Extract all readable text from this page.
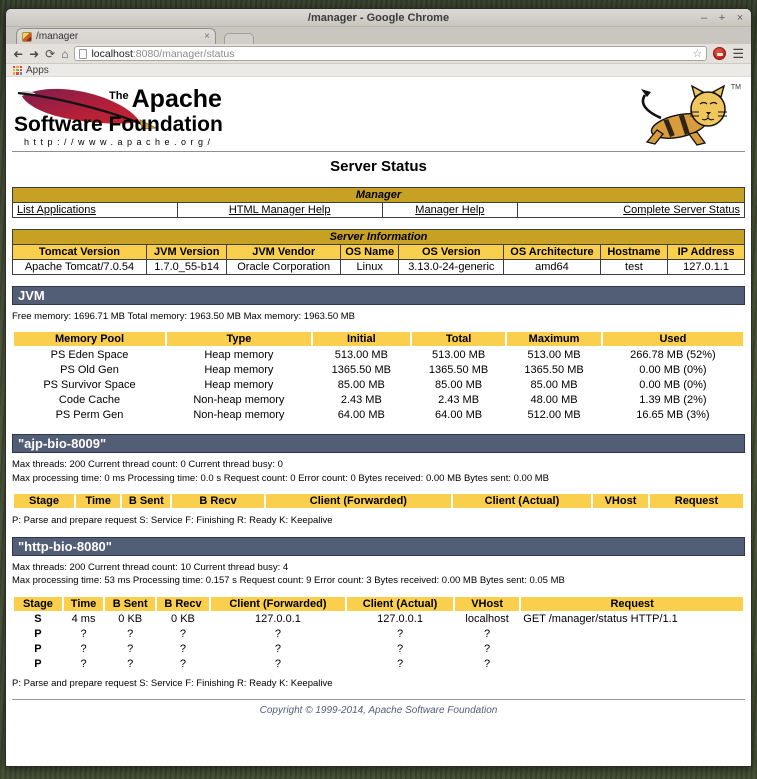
/manager - Google Chrome	– + ×
/manager	×
➜ ➜ ⟳ ⌂ localhost:8080/manager/status	☆ ☰
Apps
The Apache
Software Foundation
http://www.apache.org/
TM
Server Status
Manager
List Applications	HTML Manager Help	Manager Help	Complete Server Status
Server Information							
Tomcat Version	JVM Version	JVM Vendor	OS Name	OS Version	OS Architecture	Hostname	IP Address
Apache Tomcat/7.0.54	1.7.0_55-b14	Oracle Corporation	Linux	3.13.0-24-generic	amd64	test	127.0.1.1
JVM
Free memory: 1696.71 MB Total memory: 1963.50 MB Max memory: 1963.50 MB
Memory Pool	Type	Initial	Total	Maximum	Used
PS Eden Space	Heap memory	513.00 MB	513.00 MB	513.00 MB	266.78 MB (52%)
PS Old Gen	Heap memory	1365.50 MB	1365.50 MB	1365.50 MB	0.00 MB (0%)
PS Survivor Space	Heap memory	85.00 MB	85.00 MB	85.00 MB	0.00 MB (0%)
Code Cache	Non-heap memory	2.43 MB	2.43 MB	48.00 MB	1.39 MB (2%)
PS Perm Gen	Non-heap memory	64.00 MB	64.00 MB	512.00 MB	16.65 MB (3%)
"ajp-bio-8009"
Max threads: 200 Current thread count: 0 Current thread busy: 0
Max processing time: 0 ms Processing time: 0.0 s Request count: 0 Error count: 0 Bytes received: 0.00 MB Bytes sent: 0.00 MB
Stage	Time	B Sent	B Recv	Client (Forwarded)	Client (Actual)	VHost	Request
P: Parse and prepare request S: Service F: Finishing R: Ready K: Keepalive
"http-bio-8080"
Max threads: 200 Current thread count: 10 Current thread busy: 4
Max processing time: 53 ms Processing time: 0.157 s Request count: 9 Error count: 3 Bytes received: 0.00 MB Bytes sent: 0.05 MB
Stage	Time	B Sent	B Recv	Client (Forwarded)	Client (Actual)	VHost	Request
S	4 ms	0 KB	0 KB	127.0.0.1	127.0.0.1	localhost	GET /manager/status HTTP/1.1
P	?	?	?	?	?	?	
P	?	?	?	?	?	?	
P	?	?	?	?	?	?	
P: Parse and prepare request S: Service F: Finishing R: Ready K: Keepalive
Copyright © 1999-2014, Apache Software Foundation
